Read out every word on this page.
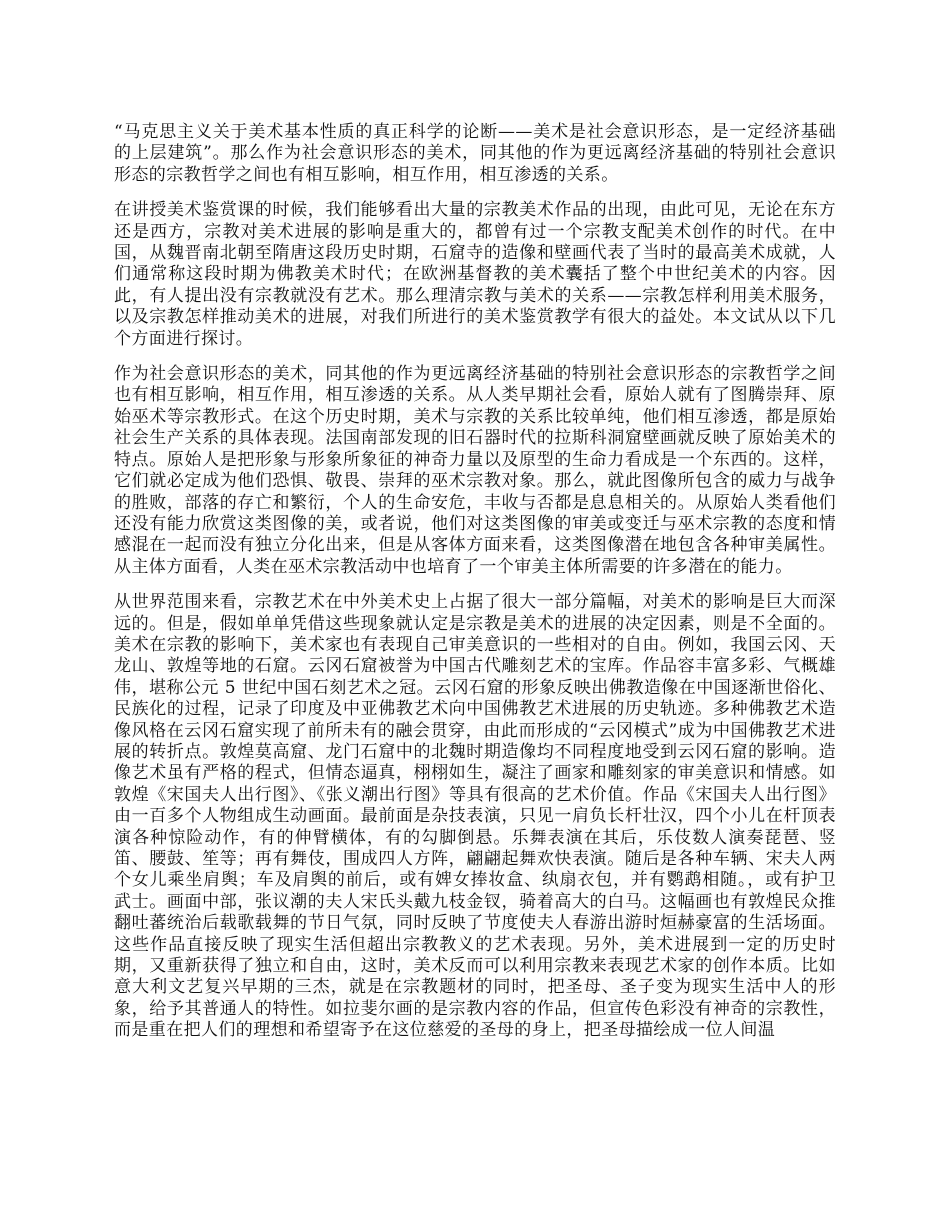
“马克思主义关于美术基本性质的真正科学的论断——美术是社会意识形态，是一定经济基础的上层建筑”。那么作为社会意识形态的美术，同其他的作为更远离经济基础的特别社会意识形态的宗教哲学之间也有相互影响，相互作用，相互渗透的关系。

在讲授美术鉴赏课的时候，我们能够看出大量的宗教美术作品的出现，由此可见，无论在东方还是西方，宗教对美术进展的影响是重大的，都曾有过一个宗教支配美术创作的时代。在中国，从魏晋南北朝至隋唐这段历史时期，石窟寺的造像和壁画代表了当时的最高美术成就，人们通常称这段时期为佛教美术时代；在欧洲基督教的美术囊括了整个中世纪美术的内容。因此，有人提出没有宗教就没有艺术。那么理清宗教与美术的关系——宗教怎样利用美术服务，以及宗教怎样推动美术的进展，对我们所进行的美术鉴赏教学有很大的益处。本文试从以下几个方面进行探讨。

作为社会意识形态的美术，同其他的作为更远离经济基础的特别社会意识形态的宗教哲学之间也有相互影响，相互作用，相互渗透的关系。从人类早期社会看，原始人就有了图腾崇拜、原始巫术等宗教形式。在这个历史时期，美术与宗教的关系比较单纯，他们相互渗透，都是原始社会生产关系的具体表现。法国南部发现的旧石器时代的拉斯科洞窟壁画就反映了原始美术的特点。原始人是把形象与形象所象征的神奇力量以及原型的生命力看成是一个东西的。这样，它们就必定成为他们恐惧、敬畏、崇拜的巫术宗教对象。那么，就此图像所包含的威力与战争的胜败，部落的存亡和繁衍，个人的生命安危，丰收与否都是息息相关的。从原始人类看他们还没有能力欣赏这类图像的美，或者说，他们对这类图像的审美或变迁与巫术宗教的态度和情感混在一起而没有独立分化出来，但是从客体方面来看，这类图像潜在地包含各种审美属性。从主体方面看，人类在巫术宗教活动中也培育了一个审美主体所需要的许多潜在的能力。

从世界范围来看，宗教艺术在中外美术史上占据了很大一部分篇幅，对美术的影响是巨大而深远的。但是，假如单单凭借这些现象就认定是宗教是美术的进展的决定因素，则是不全面的。美术在宗教的影响下，美术家也有表现自己审美意识的一些相对的自由。例如，我国云冈、天龙山、敦煌等地的石窟。云冈石窟被誉为中国古代雕刻艺术的宝库。作品容丰富多彩、气概雄伟，堪称公元 5 世纪中国石刻艺术之冠。云冈石窟的形象反映出佛教造像在中国逐渐世俗化、民族化的过程，记录了印度及中亚佛教艺术向中国佛教艺术进展的历史轨迹。多种佛教艺术造像风格在云冈石窟实现了前所未有的融会贯穿，由此而形成的“云冈模式”成为中国佛教艺术进展的转折点。敦煌莫高窟、龙门石窟中的北魏时期造像均不同程度地受到云冈石窟的影响。造像艺术虽有严格的程式，但情态逼真，栩栩如生，凝注了画家和雕刻家的审美意识和情感。如敦煌《宋国夫人出行图》、《张义潮出行图》等具有很高的艺术价值。作品《宋国夫人出行图》由一百多个人物组成生动画面。最前面是杂技表演，只见一肩负长杆壮汉，四个小儿在杆顶表演各种惊险动作，有的伸臂横体，有的勾脚倒悬。乐舞表演在其后，乐伎数人演奏琵琶、竖笛、腰鼓、笙等；再有舞伎，围成四人方阵，翩翩起舞欢快表演。随后是各种车辆、宋夫人两个女儿乘坐肩舆；车及肩舆的前后，或有婢女捧妆盒、纨扇衣包，并有鹦鹉相随。，或有护卫武士。画面中部，张议潮的夫人宋氏头戴九枝金钗，骑着高大的白马。这幅画也有敦煌民众推翻吐蕃统治后载歌载舞的节日气氛，同时反映了节度使夫人春游出游时烜赫豪富的生活场面。这些作品直接反映了现实生活但超出宗教教义的艺术表现。另外，美术进展到一定的历史时期，又重新获得了独立和自由，这时，美术反而可以利用宗教来表现艺术家的创作本质。比如意大利文艺复兴早期的三杰，就是在宗教题材的同时，把圣母、圣子变为现实生活中人的形象，给予其普通人的特性。如拉斐尔画的是宗教内容的作品，但宣传色彩没有神奇的宗教性，而是重在把人们的理想和希望寄予在这位慈爱的圣母的身上，把圣母描绘成一位人间温
